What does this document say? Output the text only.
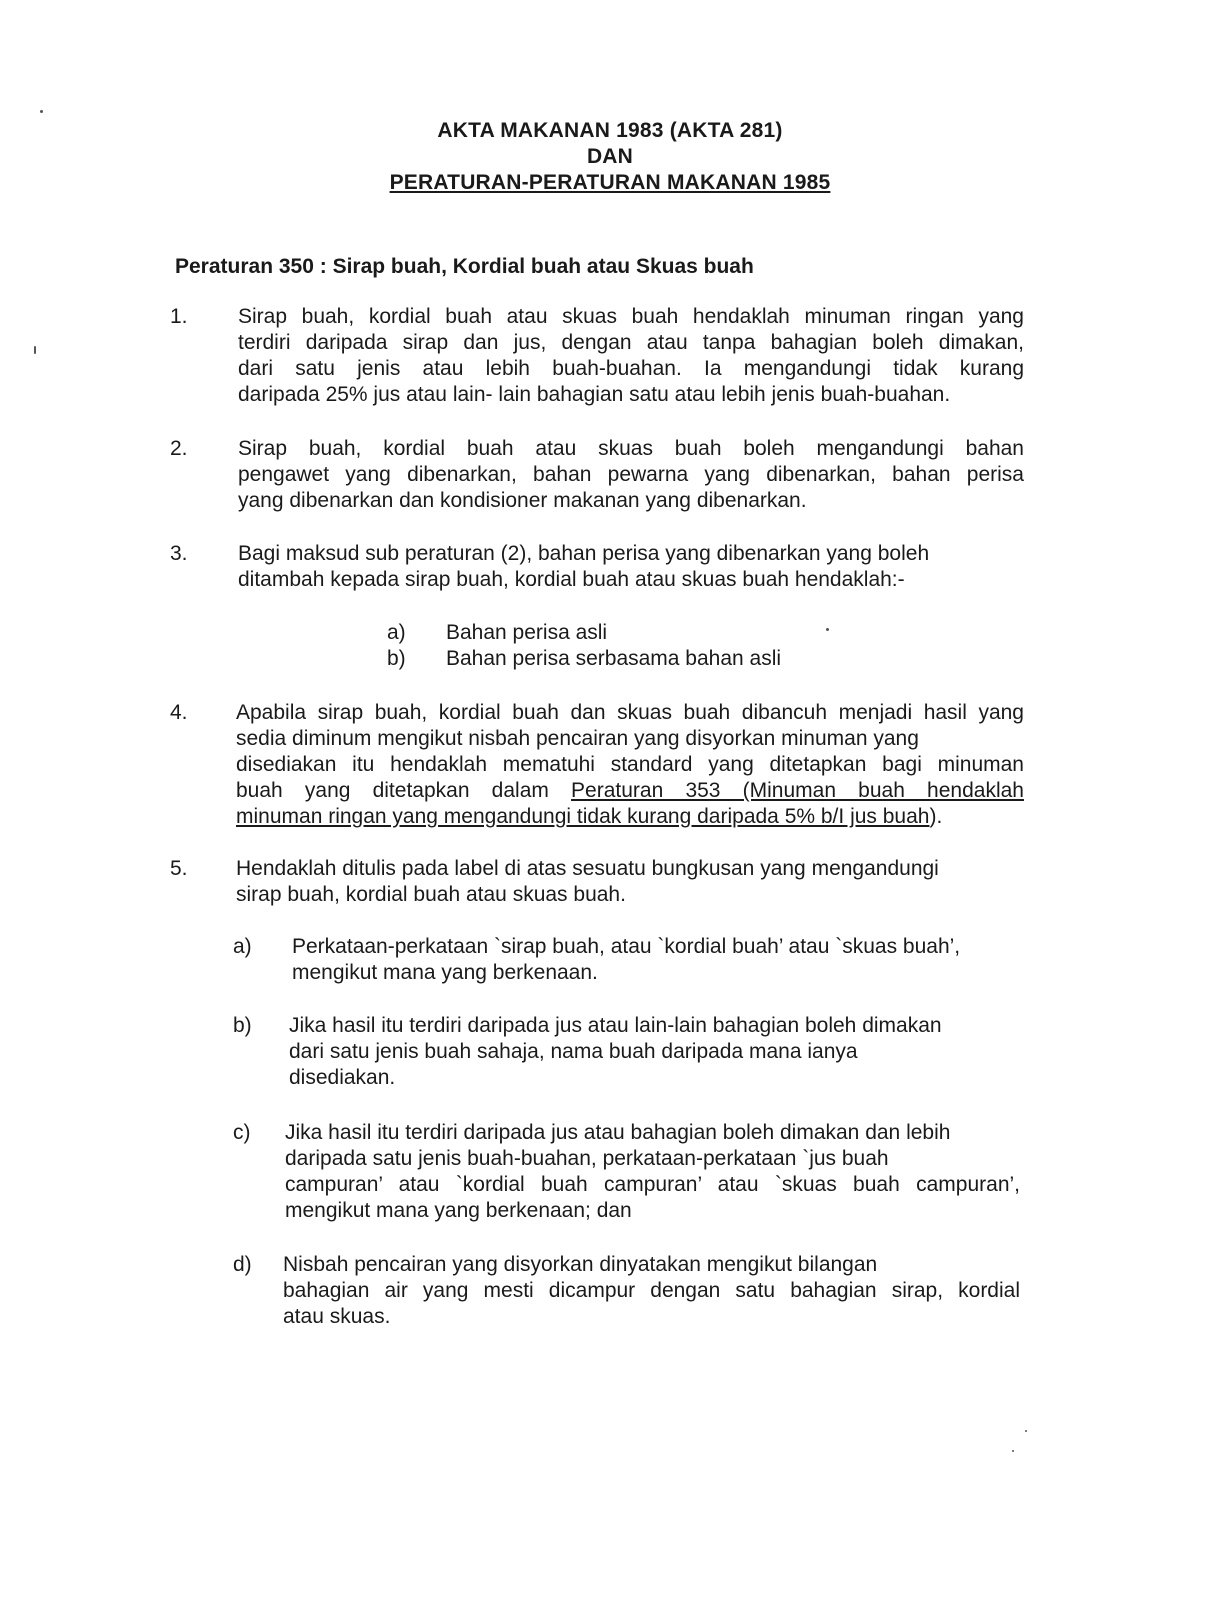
AKTA MAKANAN 1983 (AKTA 281)
DAN
PERATURAN-PERATURAN MAKANAN 1985
Peraturan 350 : Sirap buah, Kordial buah atau Skuas buah
1. Sirap buah, kordial buah atau skuas buah hendaklah minuman ringan yang
terdiri daripada sirap dan jus, dengan atau tanpa bahagian boleh dimakan,
dari satu jenis atau lebih buah-buahan. Ia mengandungi tidak kurang
daripada 25% jus atau lain- lain bahagian satu atau lebih jenis buah-buahan.
2. Sirap buah, kordial buah atau skuas buah boleh mengandungi bahan
pengawet yang dibenarkan, bahan pewarna yang dibenarkan, bahan perisa
yang dibenarkan dan kondisioner makanan yang dibenarkan.
3. Bagi maksud sub peraturan (2), bahan perisa yang dibenarkan yang boleh
ditambah kepada sirap buah, kordial buah atau skuas buah hendaklah:-
a) Bahan perisa asli
b) Bahan perisa serbasama bahan asli
4. Apabila sirap buah, kordial buah dan skuas buah dibancuh menjadi hasil yang
sedia diminum mengikut nisbah pencairan yang disyorkan minuman yang
disediakan itu hendaklah mematuhi standard yang ditetapkan bagi minuman
buah yang ditetapkan dalam Peraturan 353 (Minuman buah hendaklah
minuman ringan yang mengandungi tidak kurang daripada 5% b/I jus buah).
5. Hendaklah ditulis pada label di atas sesuatu bungkusan yang mengandungi
sirap buah, kordial buah atau skuas buah.
a) Perkataan-perkataan `sirap buah, atau `kordial buah’ atau `skuas buah’,
mengikut mana yang berkenaan.
b) Jika hasil itu terdiri daripada jus atau lain-lain bahagian boleh dimakan
dari satu jenis buah sahaja, nama buah daripada mana ianya
disediakan.
c) Jika hasil itu terdiri daripada jus atau bahagian boleh dimakan dan lebih
daripada satu jenis buah-buahan, perkataan-perkataan `jus buah
campuran’ atau `kordial buah campuran’ atau `skuas buah campuran’,
mengikut mana yang berkenaan; dan
d) Nisbah pencairan yang disyorkan dinyatakan mengikut bilangan
bahagian air yang mesti dicampur dengan satu bahagian sirap, kordial
atau skuas.
